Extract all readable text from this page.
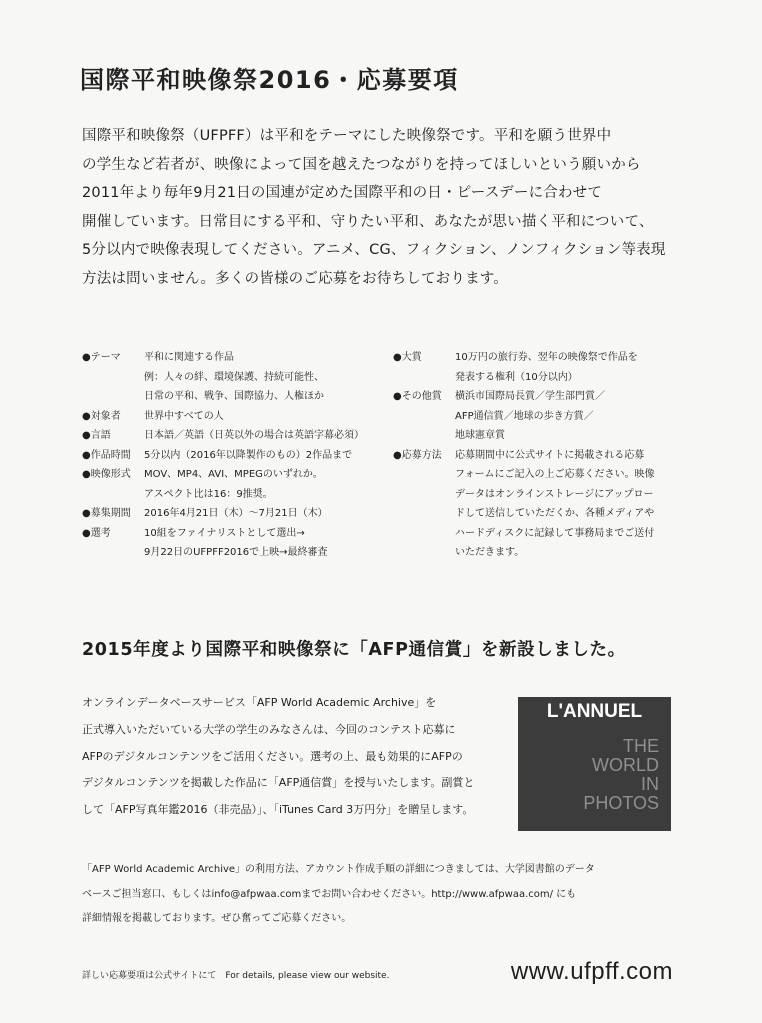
国際平和映像祭2016・応募要項

国際平和映像祭（UFPFF）は平和をテーマにした映像祭です。平和を願う世界中

の学生など若者が、映像によって国を越えたつながりを持ってほしいという願いから

2011年より毎年9月21日の国連が定めた国際平和の日・ピースデーに合わせて

開催しています。日常目にする平和、守りたい平和、あなたが思い描く平和について、

5分以内で映像表現してください。アニメ、CG、フィクション、ノンフィクション等表現

方法は問いません。多くの皆様のご応募をお待ちしております。

●テーマ	平和に関連する作品
例：人々の絆、環境保護、持続可能性、
日常の平和、戦争、国際協力、人権ほか
●対象者	世界中すべての人
●言語	日本語／英語（日英以外の場合は英語字幕必須）
●作品時間	5分以内（2016年以降製作のもの）2作品まで
●映像形式	MOV、MP4、AVI、MPEGのいずれか。
アスペクト比は16：9推奨。
●募集期間	2016年4月21日（木）〜7月21日（木）
●選考	10組をファイナリストとして選出→
9月22日のUFPFF2016で上映→最終審査
●大賞	10万円の旅行券、翌年の映像祭で作品を
発表する権利（10分以内）
●その他賞	横浜市国際局長賞／学生部門賞／
AFP通信賞／地球の歩き方賞／
地球憲章賞
●応募方法	応募期間中に公式サイトに掲載される応募
フォームにご記入の上ご応募ください。映像
データはオンラインストレージにアップロー
ドして送信していただくか、各種メディアや
ハードディスクに記録して事務局までご送付
いただきます。
2015年度より国際平和映像祭に「AFP通信賞」を新設しました。
オンラインデータベースサービス「AFP World Academic Archive」を
正式導入いただいている大学の学生のみなさんは、今回のコンテスト応募に
AFPのデジタルコンテンツをご活用ください。選考の上、最も効果的にAFPの
デジタルコンテンツを掲載した作品に「AFP通信賞」を授与いたします。副賞と
して「AFP写真年鑑2016（非売品）」、「iTunes Card 3万円分」を贈呈します。
L'ANNUEL
THE
WORLD
IN
PHOTOS
「AFP World Academic Archive」の利用方法、アカウント作成手順の詳細につきましては、大学図書館のデータ
ベースご担当窓口、もしくはinfo@afpwaa.comまでお問い合わせください。http://www.afpwaa.com/ にも
詳細情報を掲載しております。ぜひ奮ってご応募ください。
詳しい応募要項は公式サイトにて　For details, please view our website.	www.ufpff.com
